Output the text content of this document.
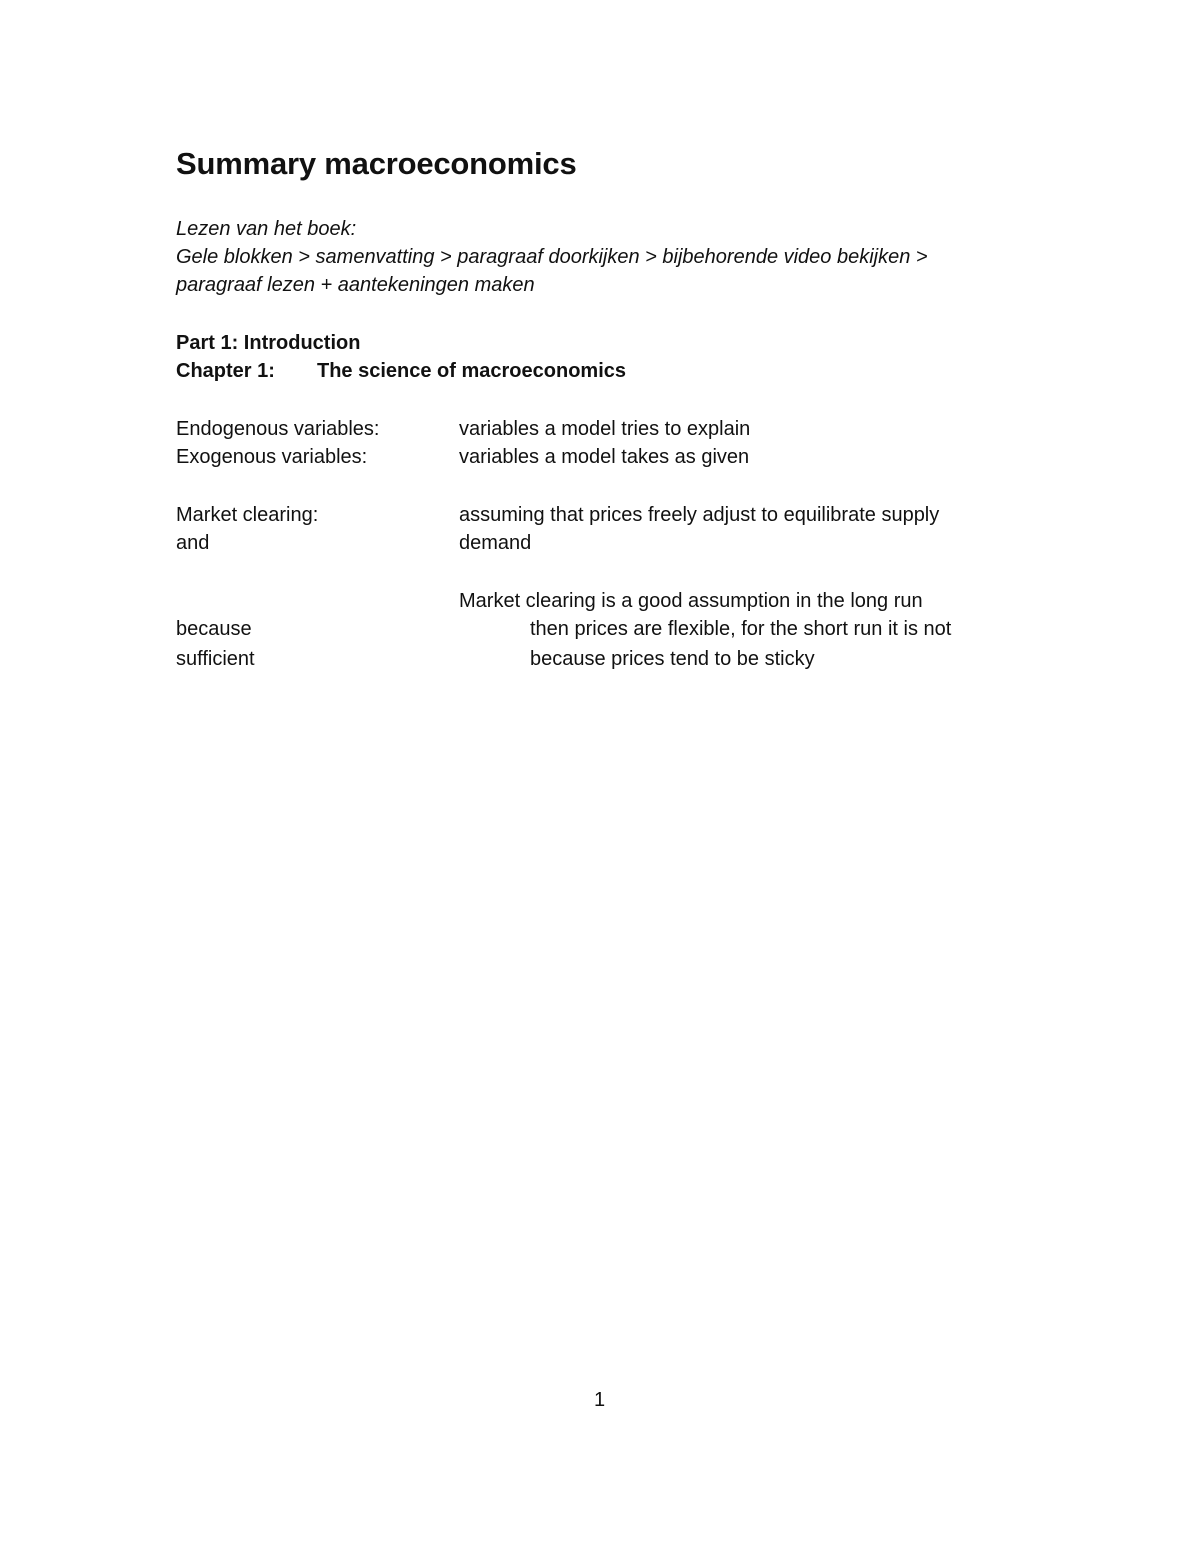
Summary macroeconomics
Lezen van het boek:
Gele blokken > samenvatting > paragraaf doorkijken > bijbehorende video bekijken >
paragraaf lezen + aantekeningen maken
Part 1: Introduction
Chapter 1: The science of macroeconomics
Endogenous variables:	variables a model tries to explain
Exogenous variables:	variables a model takes as given
Market clearing:	assuming that prices freely adjust to equilibrate supply
and	demand
Market clearing is a good assumption in the long run
because	then prices are flexible, for the short run it is not
sufficient	because prices tend to be sticky
1
